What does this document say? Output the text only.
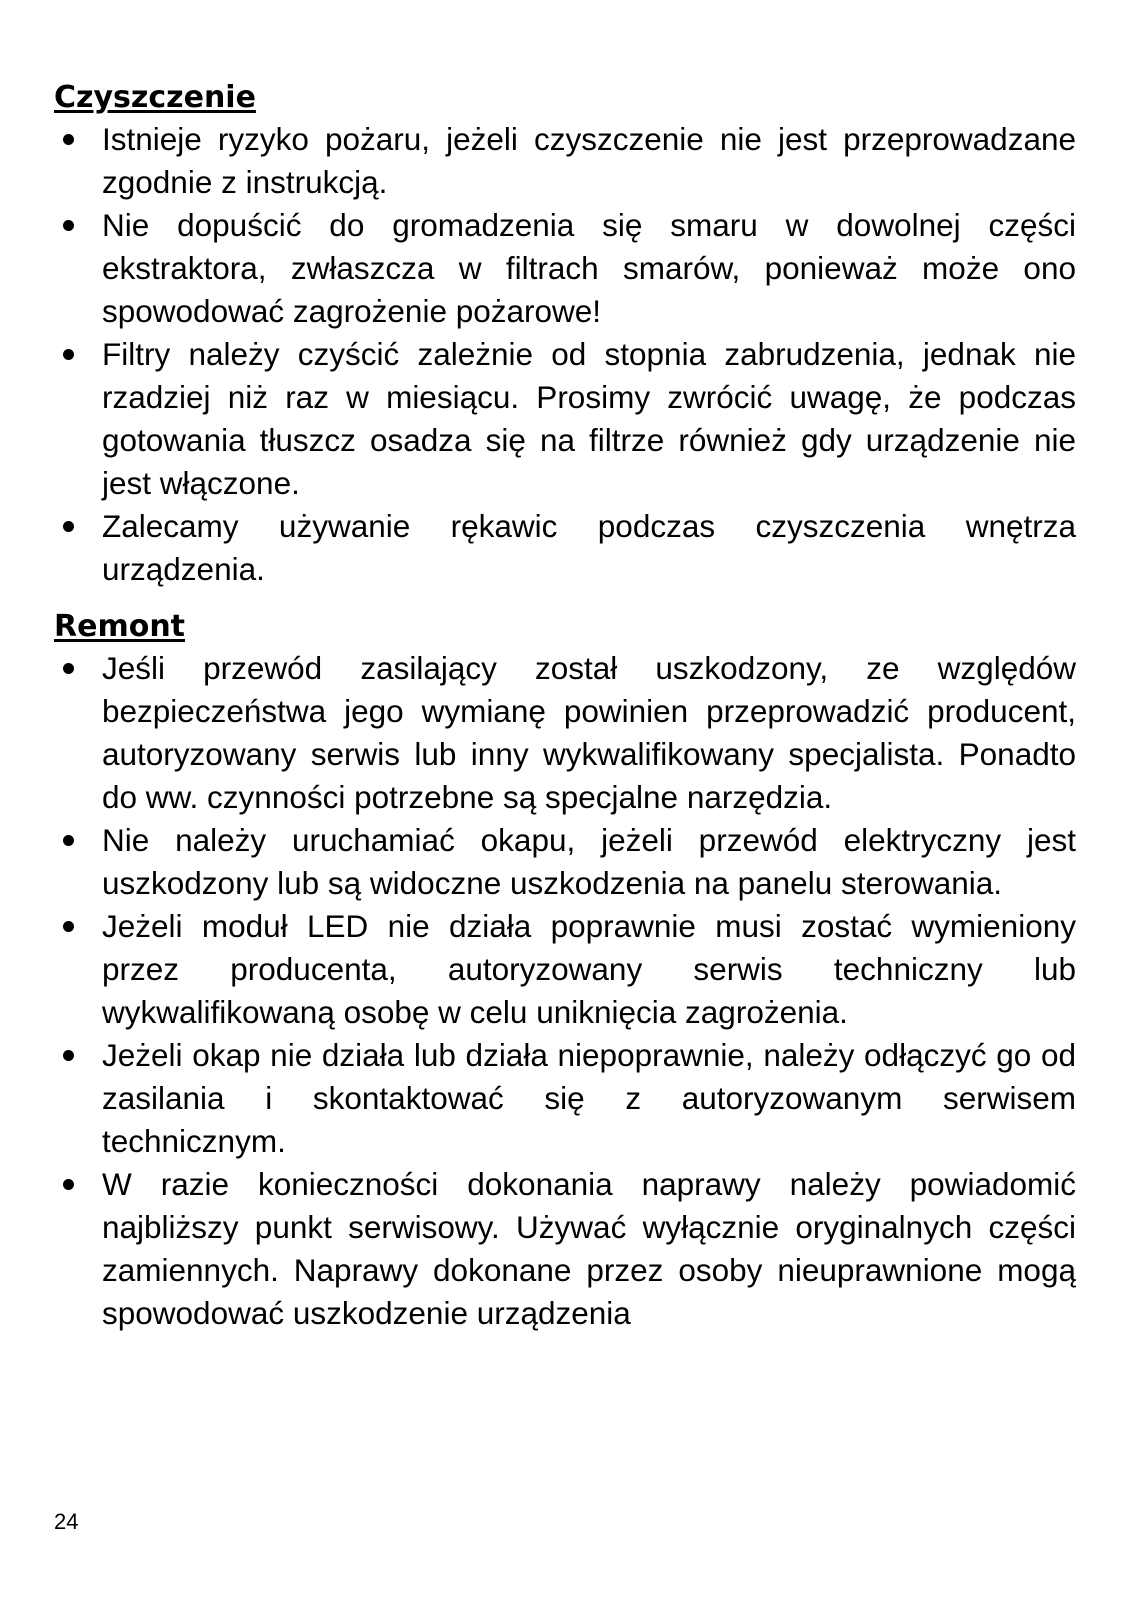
Czyszczenie
Istnieje ryzyko pożaru, jeżeli czyszczenie nie jest przeprowadzane zgodnie z instrukcją.
Nie dopuścić do gromadzenia się smaru w dowolnej części ekstraktora, zwłaszcza w filtrach smarów, ponieważ może ono spowodować zagrożenie pożarowe!
Filtry należy czyścić zależnie od stopnia zabrudzenia, jednak nie rzadziej niż raz w miesiącu. Prosimy zwrócić uwagę, że podczas gotowania tłuszcz osadza się na filtrze również gdy urządzenie nie jest włączone.
Zalecamy używanie rękawic podczas czyszczenia wnętrza urządzenia.
Remont
Jeśli przewód zasilający został uszkodzony, ze względów bezpieczeństwa jego wymianę powinien przeprowadzić producent, autoryzowany serwis lub inny wykwalifikowany specjalista. Ponadto do ww. czynności potrzebne są specjalne narzędzia.
Nie należy uruchamiać okapu, jeżeli przewód elektryczny jest uszkodzony lub są widoczne uszkodzenia na panelu sterowania.
Jeżeli moduł LED nie działa poprawnie musi zostać wymieniony przez producenta, autoryzowany serwis techniczny lub wykwalifikowaną osobę w celu uniknięcia zagrożenia.
Jeżeli okap nie działa lub działa niepoprawnie, należy odłączyć go od zasilania i skontaktować się z autoryzowanym serwisem technicznym.
W razie konieczności dokonania naprawy należy powiadomić najbliższy punkt serwisowy. Używać wyłącznie oryginalnych części zamiennych. Naprawy dokonane przez osoby nieuprawnione mogą spowodować uszkodzenie urządzenia
24
